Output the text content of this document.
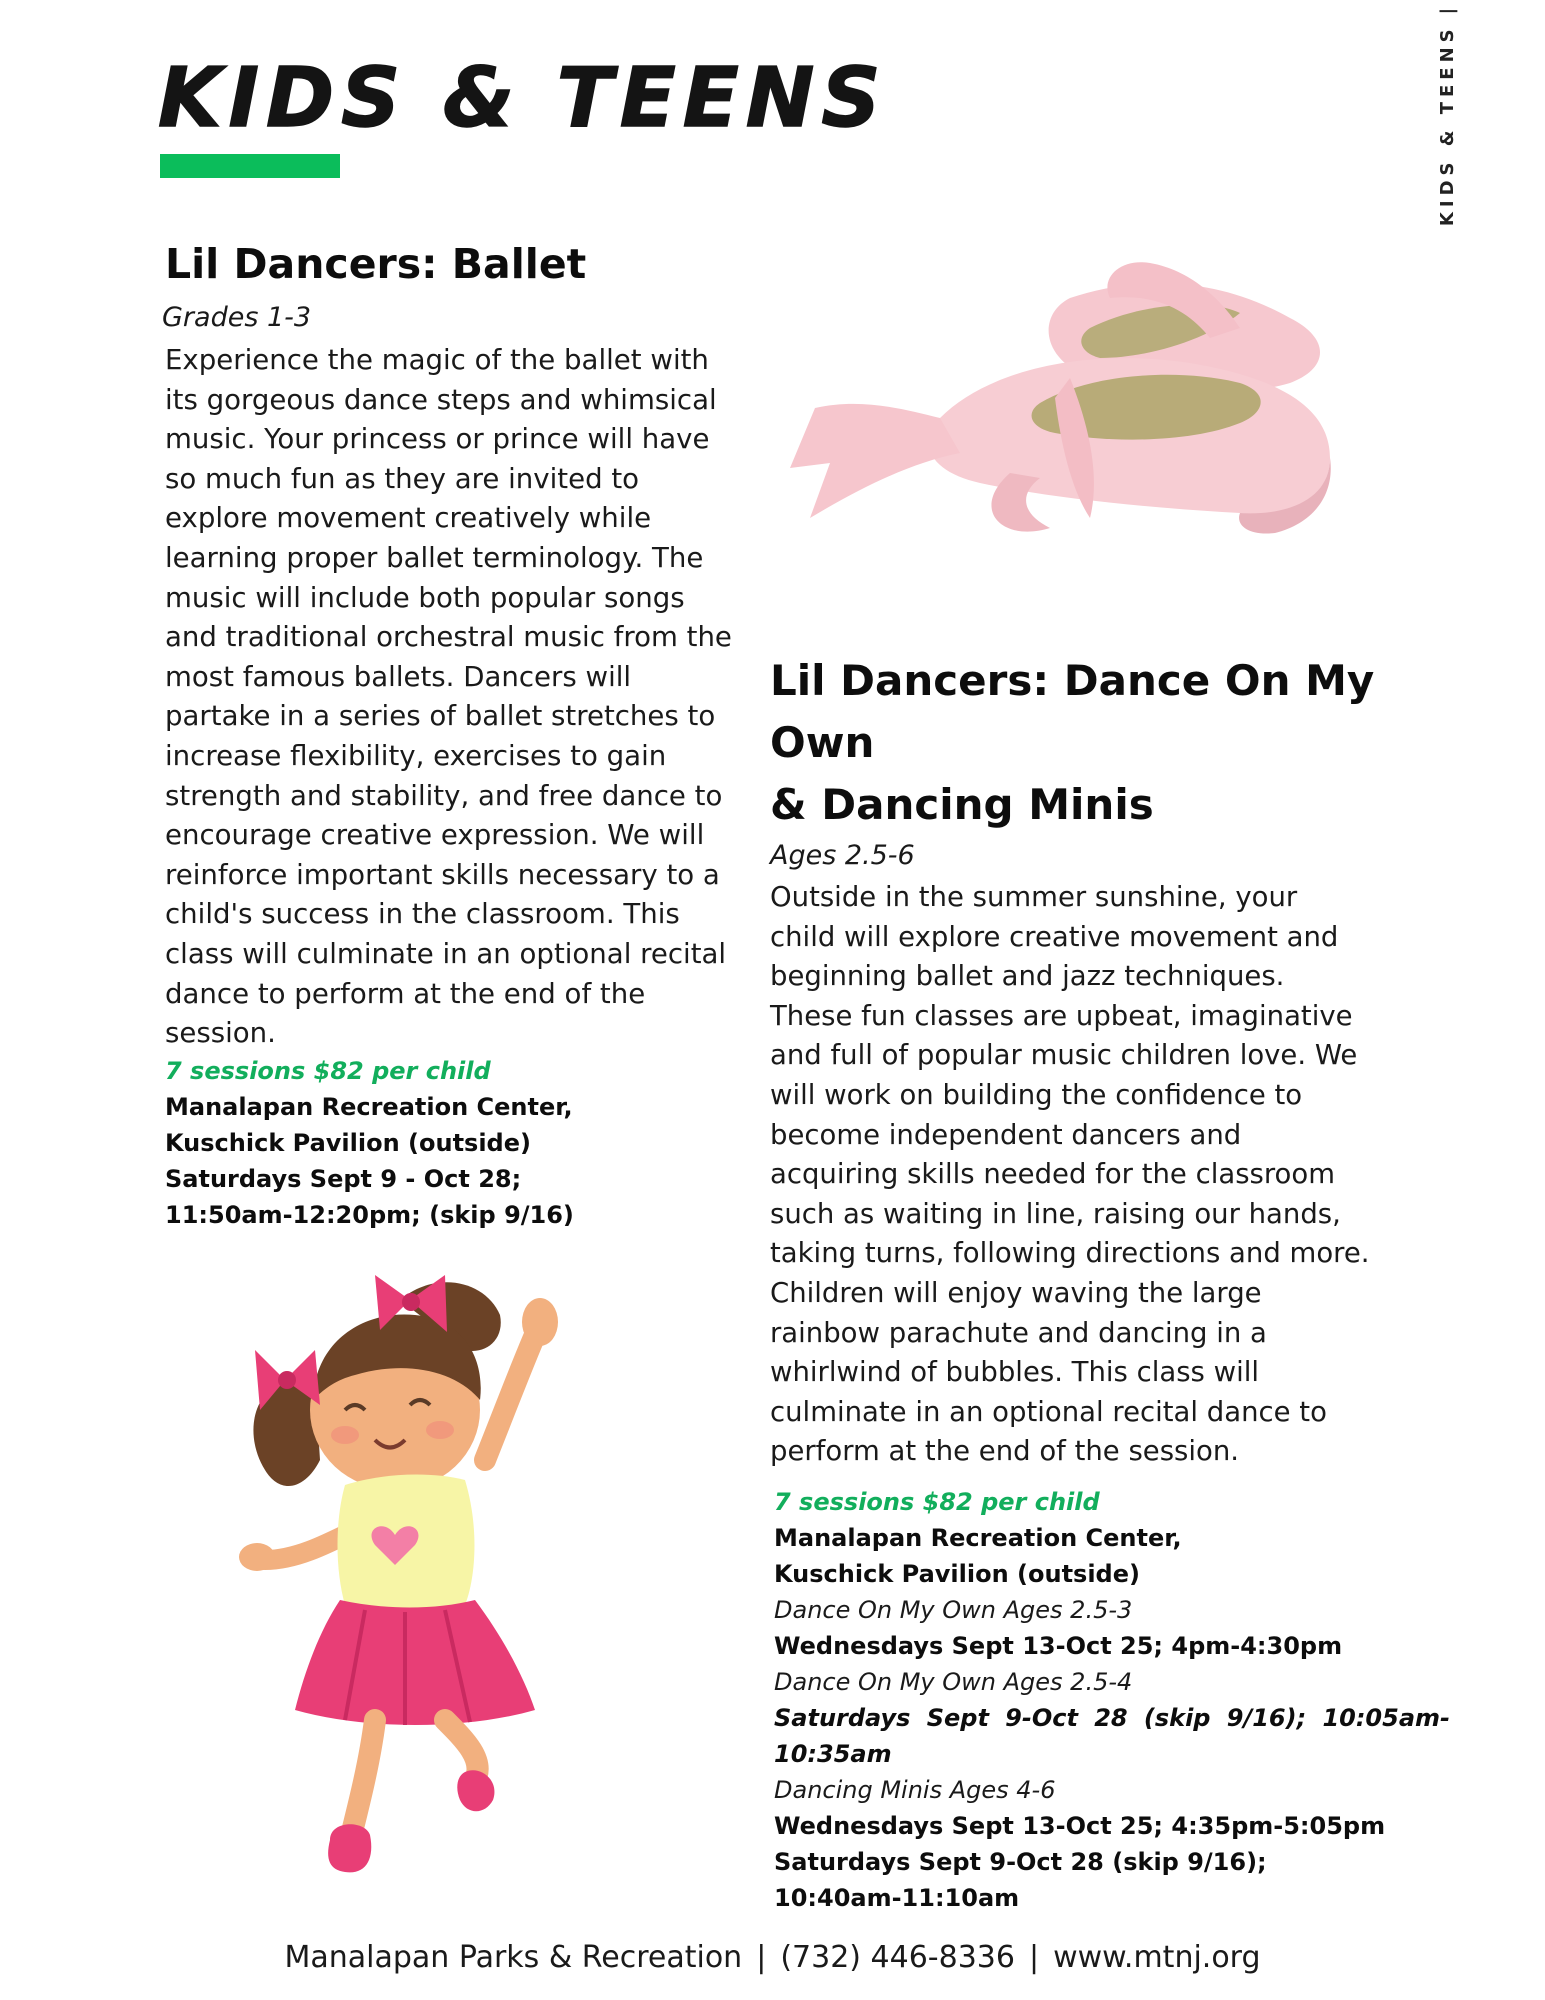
KIDS & TEENS	KIDS & TEENS|
Lil Dancers: Ballet

Grades 1-3

Experience the magic of the ballet with its gorgeous dance steps and whimsical music. Your princess or prince will have so much fun as they are invited to explore movement creatively while learning proper ballet terminology. The music will include both popular songs and traditional orchestral music from the most famous ballets. Dancers will partake in a series of ballet stretches to increase flexibility, exercises to gain strength and stability, and free dance to encourage creative expression. We will reinforce important skills necessary to a child's success in the classroom. This class will culminate in an optional recital dance to perform at the end of the session.

7 sessions $82 per child

Manalapan Recreation Center,

Kuschick Pavilion (outside)

Saturdays Sept 9 - Oct 28;

11:50am-12:20pm; (skip 9/16)

Lil Dancers: Dance On My Own
& Dancing Minis

Ages 2.5-6

Outside in the summer sunshine, your child will explore creative movement and beginning ballet and jazz techniques. These fun classes are upbeat, imaginative and full of popular music children love. We will work on building the confidence to become independent dancers and acquiring skills needed for the classroom such as waiting in line, raising our hands, taking turns, following directions and more. Children will enjoy waving the large rainbow parachute and dancing in a whirlwind of bubbles. This class will culminate in an optional recital dance to perform at the end of the session.

7 sessions $82 per child

Manalapan Recreation Center,

Kuschick Pavilion (outside)

Dance On My Own Ages 2.5-3

Wednesdays Sept 13-Oct 25; 4pm-4:30pm

Dance On My Own Ages 2.5-4

Saturdays Sept 9-Oct 28 (skip 9/16); 10:05am-10:35am

Dancing Minis Ages 4-6

Wednesdays Sept 13-Oct 25; 4:35pm-5:05pm

Saturdays Sept 9-Oct 28 (skip 9/16);

10:40am-11:10am

Manalapan Parks & Recreation | (732) 446-8336 | www.mtnj.org
